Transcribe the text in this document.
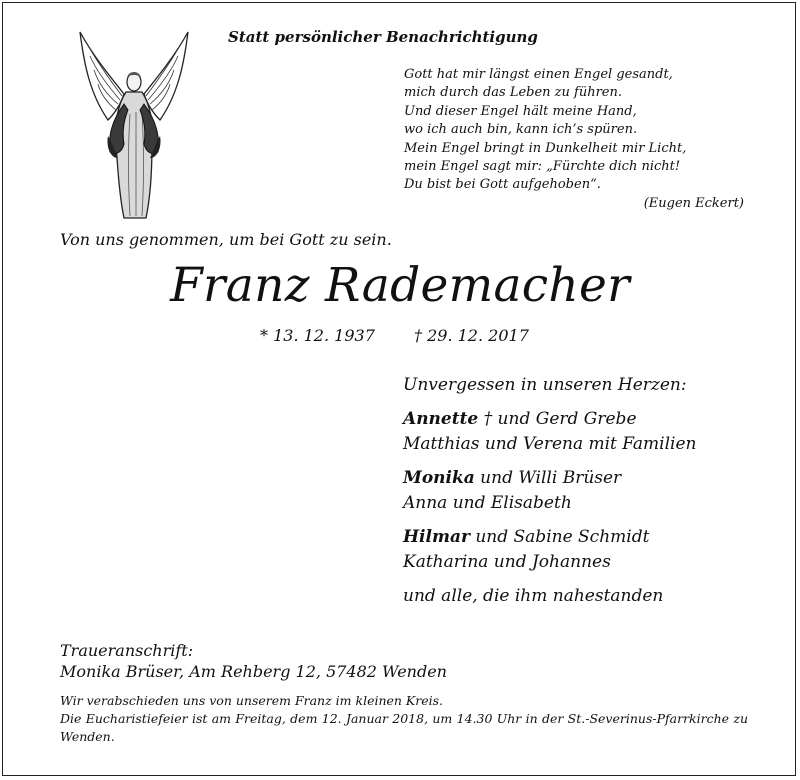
Statt persönlicher Benachrichtigung
Gott hat mir längst einen Engel gesandt,
mich durch das Leben zu führen.
Und dieser Engel hält meine Hand,
wo ich auch bin, kann ich’s spüren.
Mein Engel bringt in Dunkelheit mir Licht,
mein Engel sagt mir: „Fürchte dich nicht!
Du bist bei Gott aufgehoben“.
(Eugen Eckert)
Von uns genommen, um bei Gott zu sein.
Franz Rademacher
* 13. 12. 1937 † 29. 12. 2017
Unvergessen in unseren Herzen:
Annette † und Gerd Grebe
Matthias und Verena mit Familien
Monika und Willi Brüser
Anna und Elisabeth
Hilmar und Sabine Schmidt
Katharina und Johannes
und alle, die ihm nahestanden
Traueranschrift:
Monika Brüser, Am Rehberg 12, 57482 Wenden
Wir verabschieden uns von unserem Franz im kleinen Kreis.
Die Eucharistiefeier ist am Freitag, dem 12. Januar 2018, um 14.30 Uhr in der St.-Severinus-Pfarrkirche zu Wenden.
